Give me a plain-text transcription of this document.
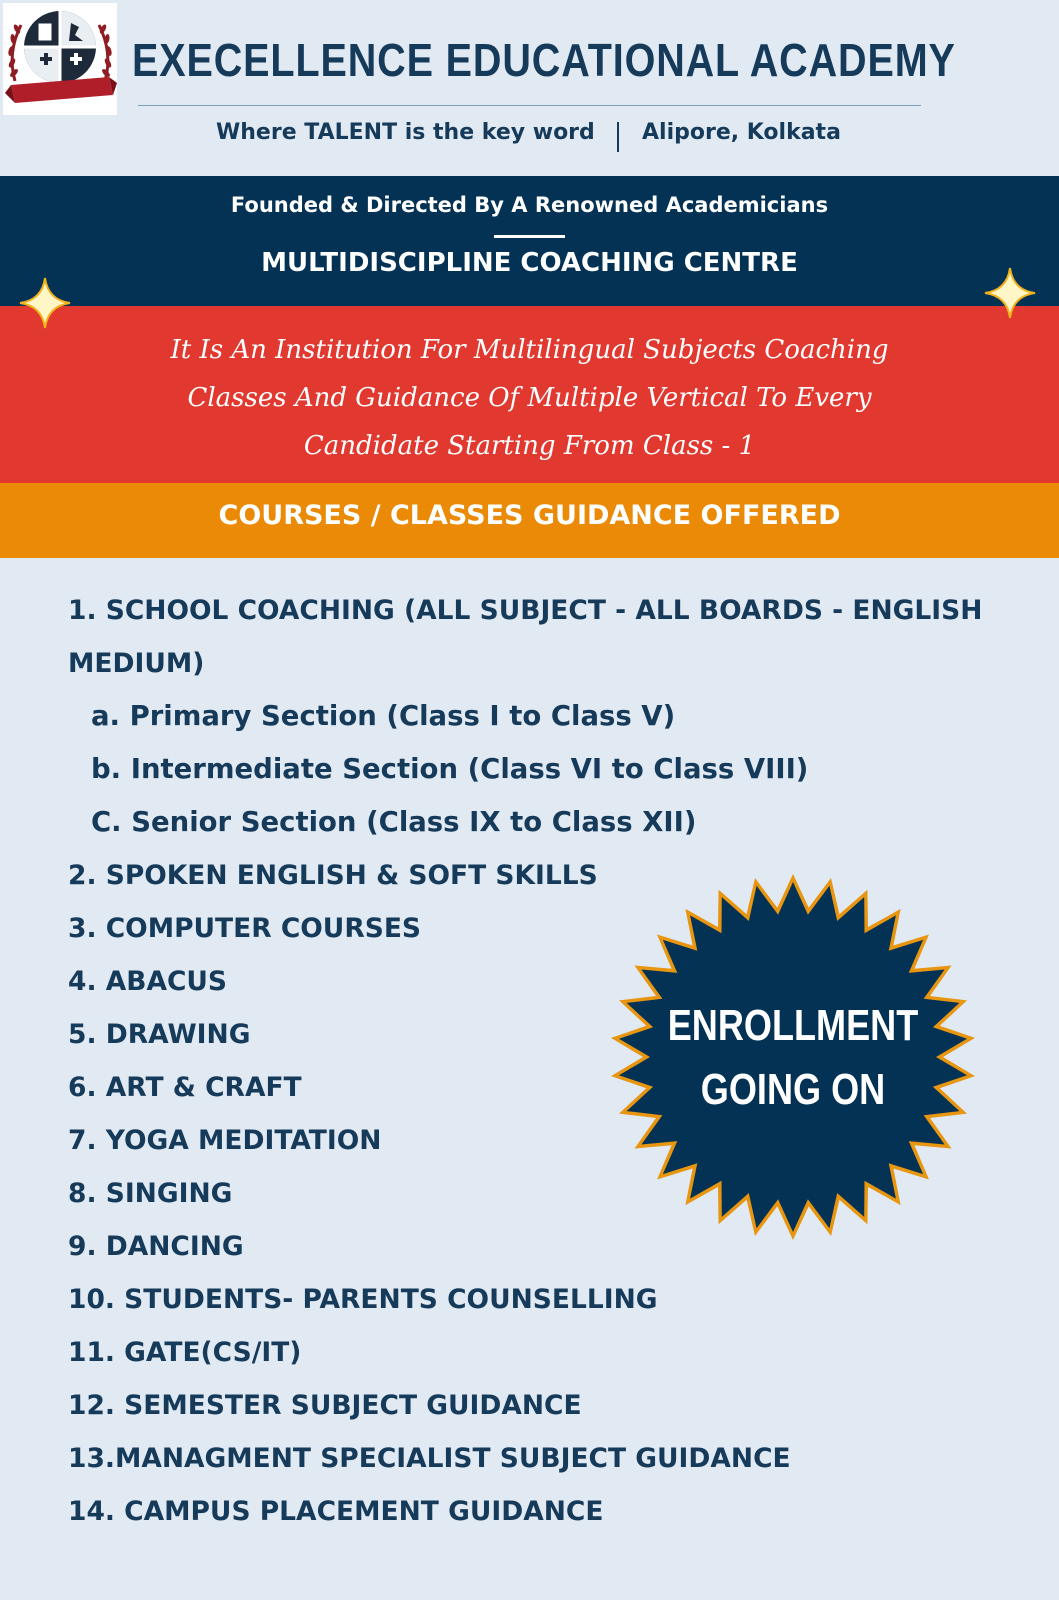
EXECELLENCE EDUCATIONAL ACADEMY
Where TALENT is the key word Alipore, Kolkata
Founded & Directed By A Renowned Academicians
MULTIDISCIPLINE COACHING CENTRE
It Is An Institution For Multilingual Subjects Coaching
Classes And Guidance Of Multiple Vertical To Every
Candidate Starting From Class - 1
COURSES / CLASSES GUIDANCE OFFERED
1. SCHOOL COACHING (ALL SUBJECT - ALL BOARDS - ENGLISH
MEDIUM)
a. Primary Section (Class I to Class V)
b. Intermediate Section (Class VI to Class VIII)
C. Senior Section (Class IX to Class XII)
2. SPOKEN ENGLISH & SOFT SKILLS
3. COMPUTER COURSES
4. ABACUS
5. DRAWING
6. ART & CRAFT
7. YOGA MEDITATION
8. SINGING
9. DANCING
10. STUDENTS- PARENTS COUNSELLING
11. GATE(CS/IT)
12. SEMESTER SUBJECT GUIDANCE
13.MANAGMENT SPECIALIST SUBJECT GUIDANCE
14. CAMPUS PLACEMENT GUIDANCE
ENROLLMENT
GOING ON
